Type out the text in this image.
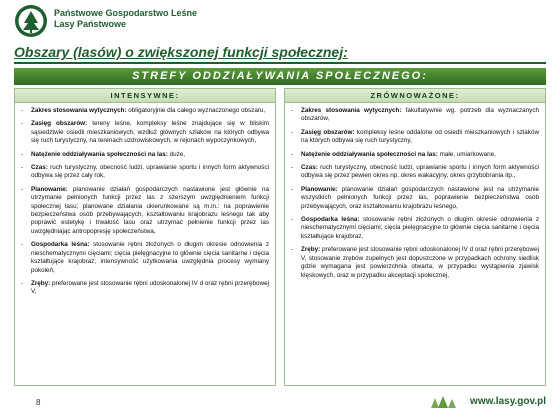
Państwowe Gospodarstwo Leśne
Lasy Państwowe
Obszary (lasów) o zwiększonej funkcji społecznej:
STREFY ODDZIAŁYWANIA SPOŁECZNEGO:
INTENSYWNE:
- Zakres stosowania wytycznych: obligatoryjnie dla całego wyznaczonego obszaru,
- Zasięg obszarów: tereny leśne, kompleksy leśne znajdujące się w bliskim sąsiedztwie osiedli mieszkaniowych, wzdłuż głównych szlaków na których odbywa się ruch turystyczny, na terenach uzdrowiskowych, w rejonach wypoczynkowych,
- Natężenie oddziaływania społeczności na las: duże,
- Czas: ruch turystyczny, obecność ludzi, uprawianie sportu i innych form aktywności odbywa się przez cały rok,
- Planowanie: planowanie działań gospodarczych nastawione jest głównie na utrzymanie pełnionych funkcji przez las z szerszym uwzględnieniem funkcji społecznej lasu; planowane działania ukierunkowane są m.in.: na poprawienie bezpieczeństwa osób przebywających, kształtowaniu krajobrazu leśnego tak aby poprawić estetykę i trwałość lasu oraz utrzymać pełnienie funkcji przez las uwzględniając antropopresję społeczeństwa,
- Gospodarka leśna: stosowanie rębni złożonych o długim okresie odnowienia z nieschematycznymi cięciami; cięcia pielęgnacyjne to głównie cięcia sanitarne i cięcia kształtujące krajobraz; intensywność użytkowania uwzględnia procesy wymiany pokoleń,
- Zręby: preferowane jest stosowanie rębni udoskonalonej IV d oraz rębni przerębowej V,
ZRÓWNOWAŻONE:
- Zakres stosowania wytycznych: fakultatywnie wg. potrzeb dla wyznaczanych obszarów,
- Zasięg obszarów: kompleksy leśne oddalone od osiedli mieszkaniowych i szlaków na których odbywa się ruch turystyczny,
- Natężenie oddziaływania społeczności na las: małe, umiarkowane,
- Czas: ruch turystyczny, obecność ludzi, uprawianie sportu i innych form aktywności odbywa się przez pewien okres np. okres wakacyjny, okres grzybobrania itp.,
- Planowanie: planowanie działań gospodarczych nastawione jest na utrzymanie wszystkich pełnionych funkcji przez las, poprawienie bezpieczeństwa osób przebywających, oraz kształtowaniu krajobrazu leśnego,
- Gospodarka leśna: stosowanie rębni złożonych o długim okresie odnowienia z nieschematycznymi cięciami; cięcia pielęgnacyjne to głównie cięcia sanitarne i cięcia kształtujące krajobraz,
- Zręby: preferowane jest stosowanie rębni udoskonalonej IV d oraz rębni przerębowej V, stosowanie zrębów zupełnych jest dopuszczone w przypadkach ochrony siedlisk gdzie wymagana jest powierzchnia otwarta, w przypadku wystąpienia zjawisk klęskowych, oraz w przypadku akceptacji społecznej,
8	www.lasy.gov.pl
